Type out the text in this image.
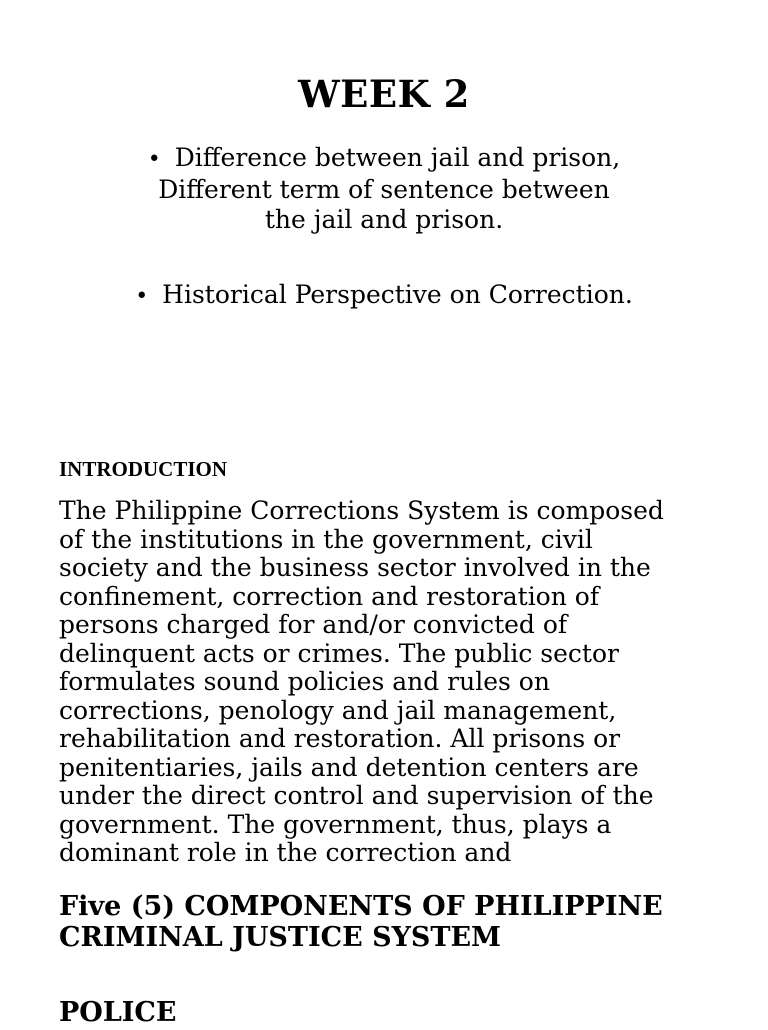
WEEK 2
• Difference between jail and prison,
Different term of sentence between
the jail and prison.
• Historical Perspective on Correction.
INTRODUCTION
The Philippine Corrections System is composed
of the institutions in the government, civil
society and the business sector involved in the
confinement, correction and restoration of
persons charged for and/or convicted of
delinquent acts or crimes. The public sector
formulates sound policies and rules on
corrections, penology and jail management,
rehabilitation and restoration. All prisons or
penitentiaries, jails and detention centers are
under the direct control and supervision of the
government. The government, thus, plays a
dominant role in the correction and
Five (5) COMPONENTS OF PHILIPPINE
CRIMINAL JUSTICE SYSTEM
POLICE
